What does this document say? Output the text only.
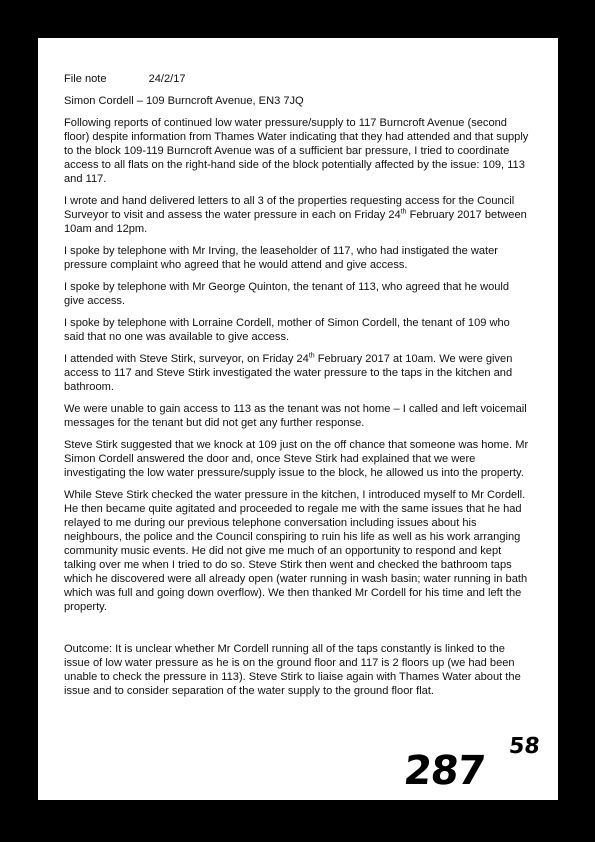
File note	24/2/17

Simon Cordell – 109 Burncroft Avenue, EN3 7JQ

Following reports of continued low water pressure/supply to 117 Burncroft Avenue (second floor) despite information from Thames Water indicating that they had attended and that supply to the block 109-119 Burncroft Avenue was of a sufficient bar pressure, I tried to coordinate access to all flats on the right-hand side of the block potentially affected by the issue: 109, 113 and 117.

I wrote and hand delivered letters to all 3 of the properties requesting access for the Council Surveyor to visit and assess the water pressure in each on Friday 24th February 2017 between 10am and 12pm.

I spoke by telephone with Mr Irving, the leaseholder of 117, who had instigated the water pressure complaint who agreed that he would attend and give access.

I spoke by telephone with Mr George Quinton, the tenant of 113, who agreed that he would give access.

I spoke by telephone with Lorraine Cordell, mother of Simon Cordell, the tenant of 109 who said that no one was available to give access.

I attended with Steve Stirk, surveyor, on Friday 24th February 2017 at 10am. We were given access to 117 and Steve Stirk investigated the water pressure to the taps in the kitchen and bathroom.

We were unable to gain access to 113 as the tenant was not home – I called and left voicemail messages for the tenant but did not get any further response.

Steve Stirk suggested that we knock at 109 just on the off chance that someone was home. Mr Simon Cordell answered the door and, once Steve Stirk had explained that we were investigating the low water pressure/supply issue to the block, he allowed us into the property.

While Steve Stirk checked the water pressure in the kitchen, I introduced myself to Mr Cordell. He then became quite agitated and proceeded to regale me with the same issues that he had relayed to me during our previous telephone conversation including issues about his neighbours, the police and the Council conspiring to ruin his life as well as his work arranging community music events. He did not give me much of an opportunity to respond and kept talking over me when I tried to do so. Steve Stirk then went and checked the bathroom taps which he discovered were all already open (water running in wash basin; water running in bath which was full and going down overflow). We then thanked Mr Cordell for his time and left the property.

Outcome: It is unclear whether Mr Cordell running all of the taps constantly is linked to the issue of low water pressure as he is on the ground floor and 117 is 2 floors up (we had been unable to check the pressure in 113). Steve Stirk to liaise again with Thames Water about the issue and to consider separation of the water supply to the ground floor flat.

58
287
